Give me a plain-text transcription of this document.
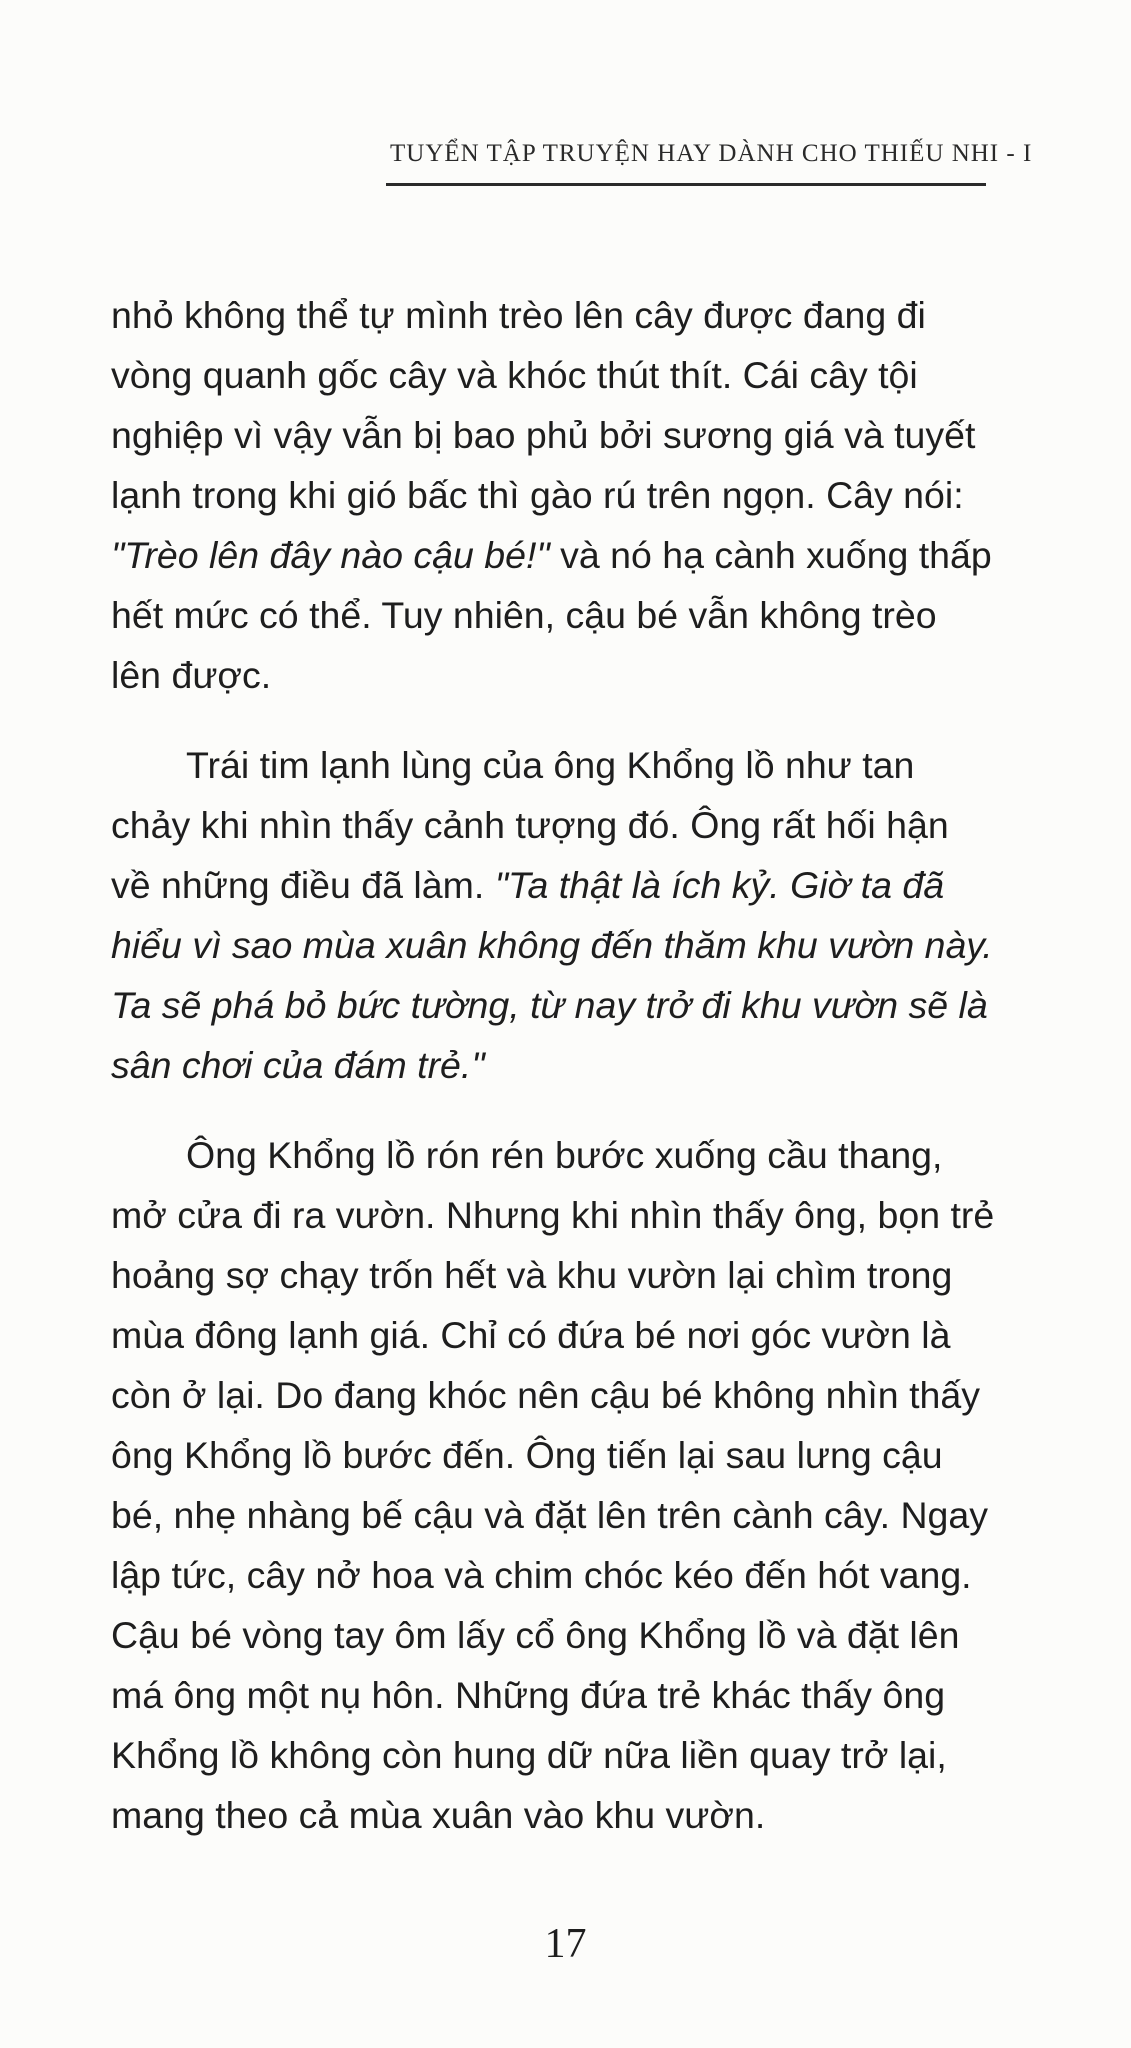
TUYỂN TẬP TRUYỆN HAY DÀNH CHO THIẾU NHI - I

nhỏ không thể tự mình trèo lên cây được đang đi
vòng quanh gốc cây và khóc thút thít. Cái cây tội
nghiệp vì vậy vẫn bị bao phủ bởi sương giá và tuyết
lạnh trong khi gió bấc thì gào rú trên ngọn. Cây nói:
"Trèo lên đây nào cậu bé!" và nó hạ cành xuống thấp
hết mức có thể. Tuy nhiên, cậu bé vẫn không trèo
lên được.

Trái tim lạnh lùng của ông Khổng lồ như tan
chảy khi nhìn thấy cảnh tượng đó. Ông rất hối hận
về những điều đã làm. "Ta thật là ích kỷ. Giờ ta đã
hiểu vì sao mùa xuân không đến thăm khu vườn này.
Ta sẽ phá bỏ bức tường, từ nay trở đi khu vườn sẽ là
sân chơi của đám trẻ."

Ông Khổng lồ rón rén bước xuống cầu thang,
mở cửa đi ra vườn. Nhưng khi nhìn thấy ông, bọn trẻ
hoảng sợ chạy trốn hết và khu vườn lại chìm trong
mùa đông lạnh giá. Chỉ có đứa bé nơi góc vườn là
còn ở lại. Do đang khóc nên cậu bé không nhìn thấy
ông Khổng lồ bước đến. Ông tiến lại sau lưng cậu
bé, nhẹ nhàng bế cậu và đặt lên trên cành cây. Ngay
lập tức, cây nở hoa và chim chóc kéo đến hót vang.
Cậu bé vòng tay ôm lấy cổ ông Khổng lồ và đặt lên
má ông một nụ hôn. Những đứa trẻ khác thấy ông
Khổng lồ không còn hung dữ nữa liền quay trở lại,
mang theo cả mùa xuân vào khu vườn.

17
